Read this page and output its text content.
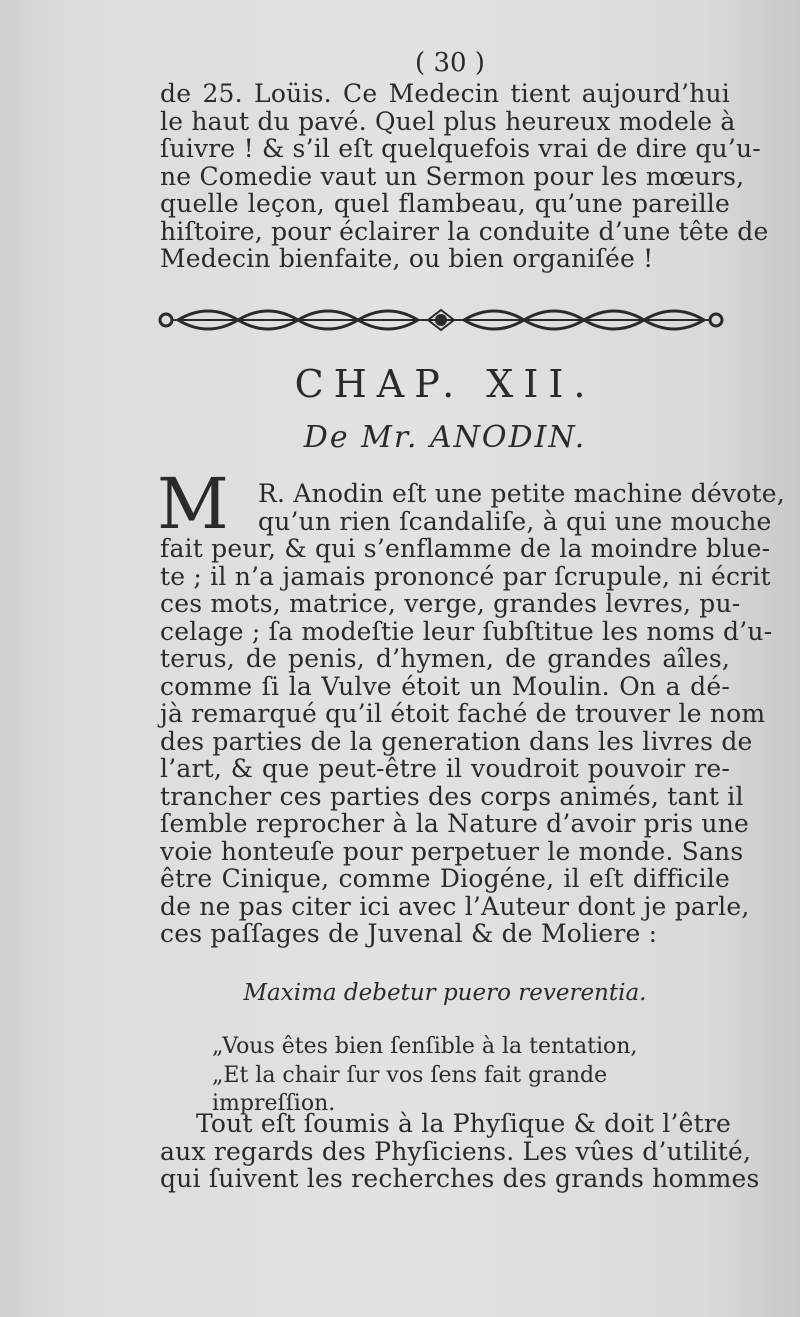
( 30 )
de 25. Loüis. Ce Medecin tient aujourd’hui
le haut du pavé. Quel plus heureux modele à
ſuivre ! & s’il eſt quelquefois vrai de dire qu’u-
ne Comedie vaut un Sermon pour les mœurs,
quelle leçon, quel flambeau, qu’une pareille
hiſtoire, pour éclairer la conduite d’une tête de
Medecin bienfaite, ou bien organiſée !
CHAP. XII.
De Mr. ANODIN.
M	R. Anodin eſt une petite machine dévote,
qu’un rien ſcandaliſe, à qui une mouche
fait peur, & qui s’enflamme de la moindre blue-
te ; il n’a jamais prononcé par ſcrupule, ni écrit
ces mots, matrice, verge, grandes levres, pu-
celage ; ſa modeſtie leur ſubſtitue les noms d’u-
terus, de penis, d’hymen, de grandes aîles,
comme ſi la Vulve étoit un Moulin. On a dé-
jà remarqué qu’il étoit faché de trouver le nom
des parties de la generation dans les livres de
l’art, & que peut-être il voudroit pouvoir re-
trancher ces parties des corps animés, tant il
ſemble reprocher à la Nature d’avoir pris une
voie honteuſe pour perpetuer le monde. Sans
être Cinique, comme Diogéne, il eſt difficile
de ne pas citer ici avec l’Auteur dont je parle,
ces paſſages de Juvenal & de Moliere :
Maxima debetur puero reverentia.
„Vous êtes bien ſenſible à la tentation,
„Et la chair ſur vos ſens fait grande impreſſion.
Tout eſt ſoumis à la Phyſique & doit l’être
aux regards des Phyſiciens. Les vûes d’utilité,
qui ſuivent les recherches des grands hommes
